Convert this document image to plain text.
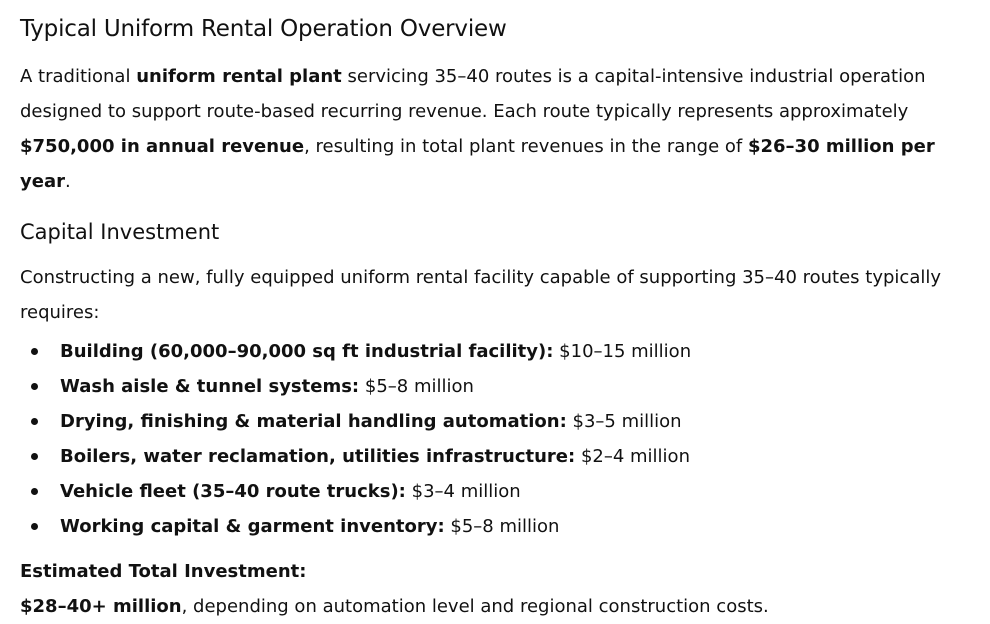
Typical Uniform Rental Operation Overview

A traditional uniform rental plant servicing 35–40 routes is a capital-intensive industrial operation designed to support route-based recurring revenue. Each route typically represents approximately $750,000 in annual revenue, resulting in total plant revenues in the range of $26–30 million per year.

Capital Investment

Constructing a new, fully equipped uniform rental facility capable of supporting 35–40 routes typically requires:

Building (60,000–90,000 sq ft industrial facility): $10–15 million
Wash aisle & tunnel systems: $5–8 million
Drying, finishing & material handling automation: $3–5 million
Boilers, water reclamation, utilities infrastructure: $2–4 million
Vehicle fleet (35–40 route trucks): $3–4 million
Working capital & garment inventory: $5–8 million

Estimated Total Investment:

$28–40+ million, depending on automation level and regional construction costs.
